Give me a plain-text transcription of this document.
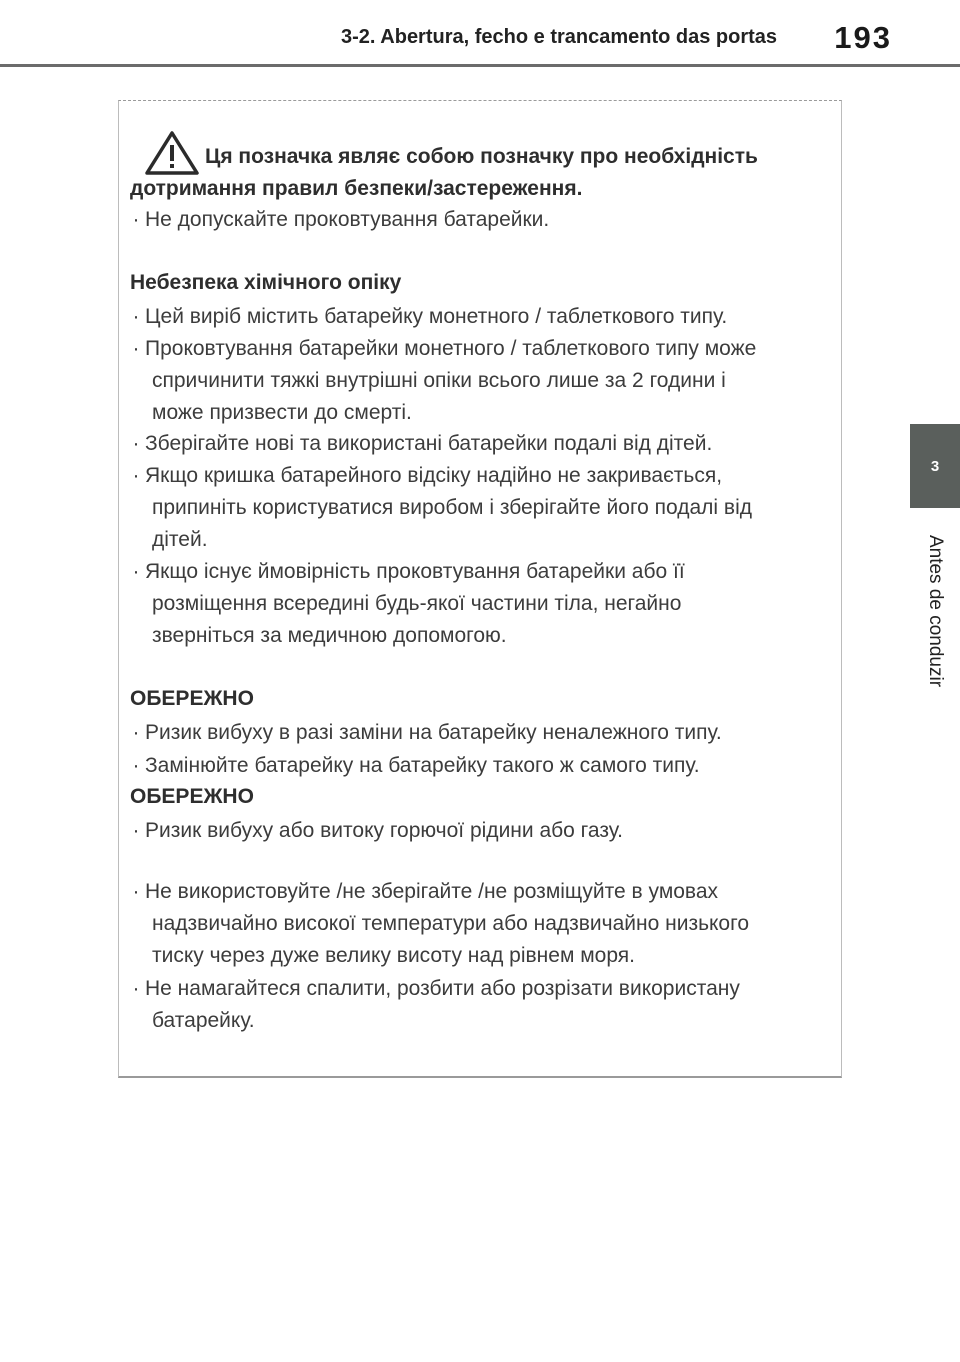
3-2. Abertura, fecho e trancamento das portas 193
3
Antes de conduzir
Ця позначка являє собою позначку про необхідність
дотримання правил безпеки/застереження.
· Не допускайте проковтування батарейки.
Небезпека хімічного опіку
· Цей виріб містить батарейку монетного / таблеткового типу.
· Проковтування батарейки монетного / таблеткового типу може
спричинити тяжкі внутрішні опіки всього лише за 2 години і
може призвести до смерті.
· Зберігайте нові та використані батарейки подалі від дітей.
· Якщо кришка батарейного відсіку надійно не закривається,
припиніть користуватися виробом і зберігайте його подалі від
дітей.
· Якщо існує ймовірність проковтування батарейки або її
розміщення всередині будь-якої частини тіла, негайно
зверніться за медичною допомогою.
ОБЕРЕЖНО
· Ризик вибуху в разі заміни на батарейку неналежного типу.
· Замінюйте батарейку на батарейку такого ж самого типу.
ОБЕРЕЖНО
· Ризик вибуху або витоку горючої рідини або газу.
· Не використовуйте /не зберігайте /не розміщуйте в умовах
надзвичайно високої температури або надзвичайно низького
тиску через дуже велику висоту над рівнем моря.
· Не намагайтеся спалити, розбити або розрізати використану
батарейку.
